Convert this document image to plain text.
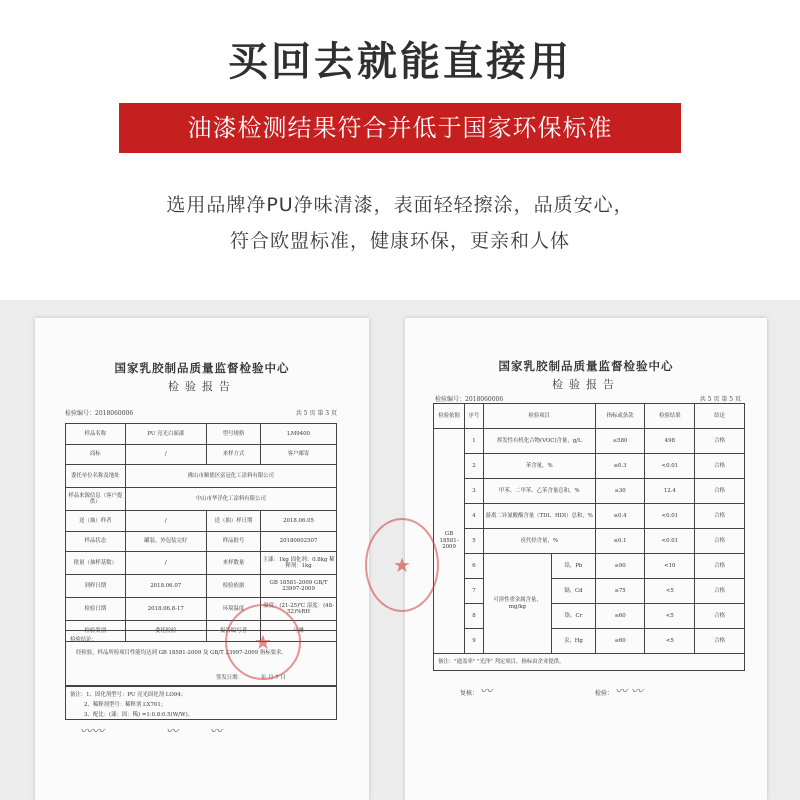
买回去就能直接用
油漆检测结果符合并低于国家环保标准
选用品牌净PU净味清漆，表面轻轻擦涂，品质安心，
符合欧盟标准，健康环保，更亲和人体
国家乳胶制品质量监督检验中心
检验报告
检验编号：2018060006	共 5 页 第 3 页
样品名称	PU 亮光白面漆	型号规格	LM9400
商标	/	来样方式	客户邮寄
委托单位名称及地址	佛山市顺德区富冠化工涂料有限公司		
样品来源信息（客户提供）	中山市华洋化工涂料有限公司		
送（抽）样者	/	送（抽）样日期	2018.06.05
样品状态	罐装，外包装完好	样品批号	20180602507
批量（抽样基数）	/	来样数量	主漆：1kg 固化剂：0.8kg 稀释剂：1kg
到样日期	2018.06.07	检验依据	GB 18581-2009 GB/T 23997-2009
检验日期	2018.06.8-17	环境温度	温度：(21-25)℃ 湿度：(48-52)%RH
检验类别	委托检验	报告编写者	马琳
检验结论：
经检验，样品所检项目性能均达到 GB 18581-2009 及 GB/T 23997-2009 指标要求。
签发日期：	年 月 7 日
备注：1、固化剂型号：PU 亮光固化剂 LO94；
2、稀释剂型号：稀释剂 LX701；
3、配比：(漆：固：稀) =1:0.8:0.5(W/W)。
★
〰〰	〰	〰
国家乳胶制品质量监督检验中心
检验报告
检验编号：2018060006	共 5 页 第 5 页
检验依据	序号	检验项目		指标或条款	检验结果	结论
GB 18581-2009	1	挥发性有机化合物(VOC)含量，g/L		≤580	498	合格
	2	苯含量，%		≤0.3	<0.01	合格
	3	甲苯、二甲苯、乙苯含量总和，%		≤30	12.4	合格
	4	游离二异氰酸酯含量（TDI、HDI）总和，%		≤0.4	<0.01	合格
	5	卤代烃含量，%		≤0.1	<0.01	合格
	6	可溶性重金属含量，mg/kg	铅，Pb	≤90	<10	合格
	7		镉，Cd	≤75	<5	合格
	8		铬，Cr	≤60	<5	合格
	9		汞，Hg	≤60	<5	合格
备注："通盖率" "光泽" 判定项目，指标由企业提供。						
复核： 〰	检验： 〰 〰
★
